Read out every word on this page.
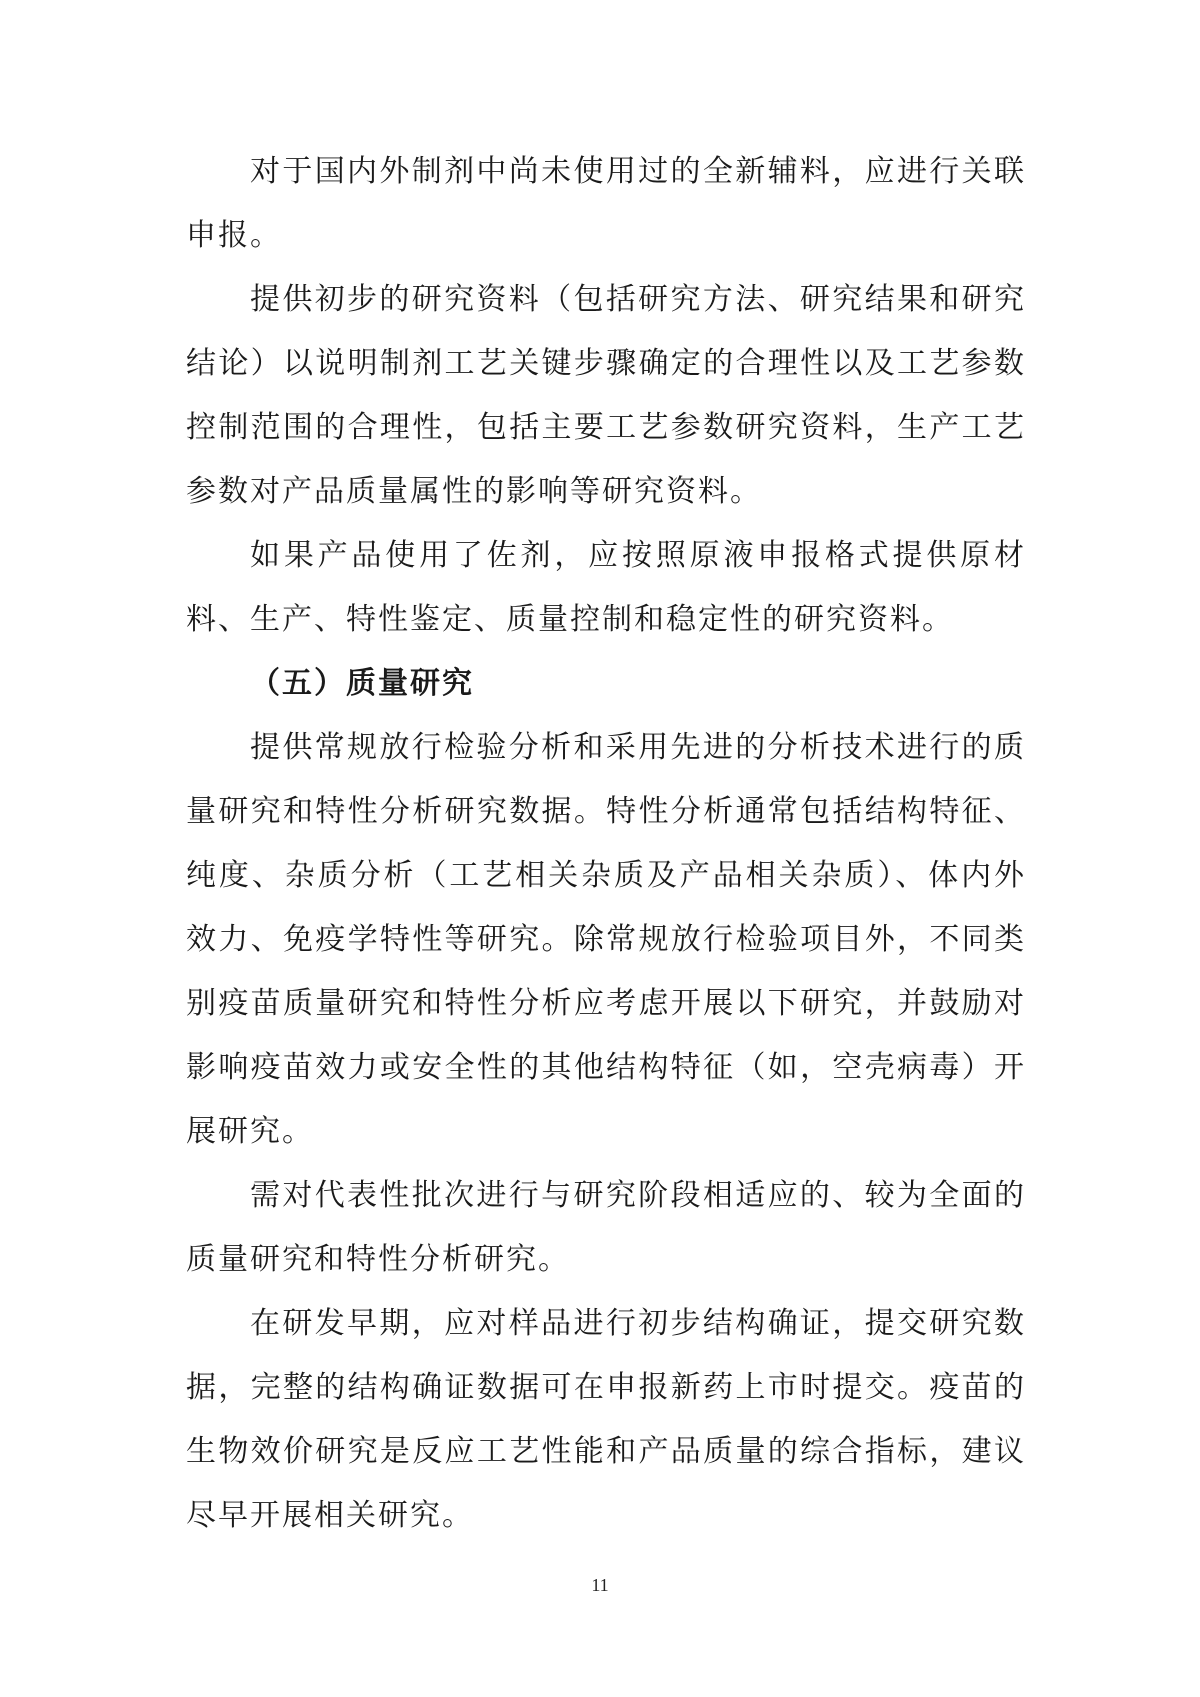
对于国内外制剂中尚未使用过的全新辅料，应进行关联申报。

提供初步的研究资料（包括研究方法、研究结果和研究结论）以说明制剂工艺关键步骤确定的合理性以及工艺参数控制范围的合理性，包括主要工艺参数研究资料，生产工艺参数对产品质量属性的影响等研究资料。

如果产品使用了佐剂，应按照原液申报格式提供原材料、生产、特性鉴定、质量控制和稳定性的研究资料。

（五）质量研究

提供常规放行检验分析和采用先进的分析技术进行的质量研究和特性分析研究数据。特性分析通常包括结构特征、纯度、杂质分析（工艺相关杂质及产品相关杂质）、体内外效力、免疫学特性等研究。除常规放行检验项目外，不同类别疫苗质量研究和特性分析应考虑开展以下研究，并鼓励对影响疫苗效力或安全性的其他结构特征（如，空壳病毒）开展研究。

需对代表性批次进行与研究阶段相适应的、较为全面的质量研究和特性分析研究。

在研发早期，应对样品进行初步结构确证，提交研究数据，完整的结构确证数据可在申报新药上市时提交。疫苗的生物效价研究是反应工艺性能和产品质量的综合指标，建议尽早开展相关研究。

11
